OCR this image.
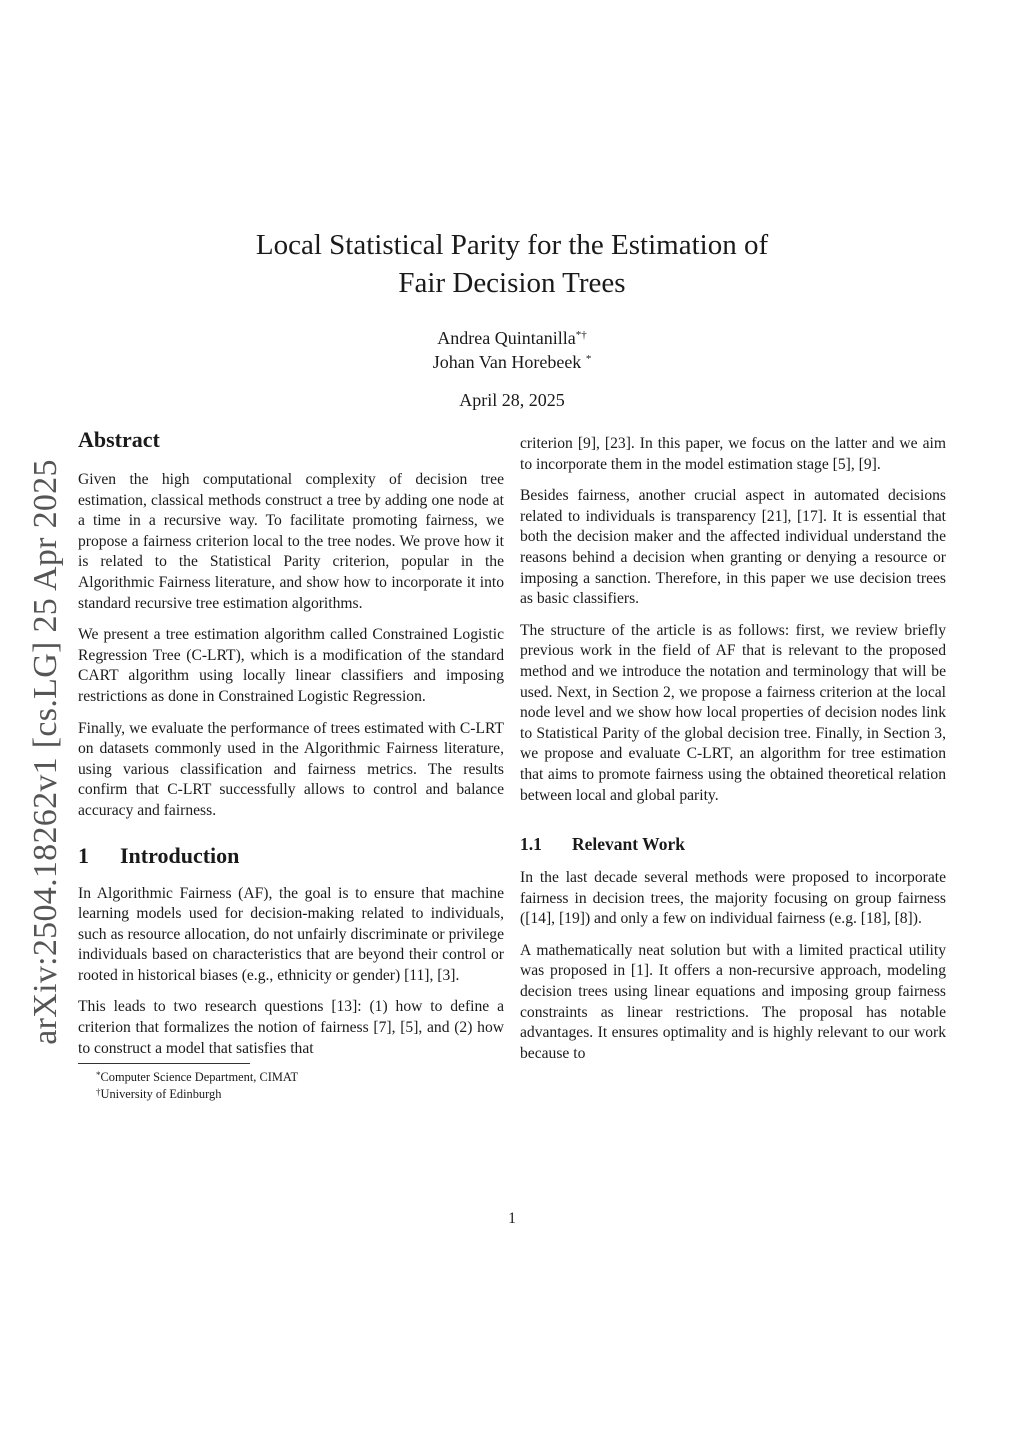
arXiv:2504.18262v1 [cs.LG] 25 Apr 2025
Local Statistical Parity for the Estimation of
Fair Decision Trees
Andrea Quintanilla*†
Johan Van Horebeek *
April 28, 2025
Abstract

Given the high computational complexity of decision tree estimation, classical methods construct a tree by adding one node at a time in a recursive way. To facilitate promoting fairness, we propose a fairness criterion local to the tree nodes. We prove how it is related to the Statistical Parity criterion, popular in the Algorithmic Fairness literature, and show how to incorporate it into standard recursive tree estimation algorithms.

We present a tree estimation algorithm called Constrained Logistic Regression Tree (C-LRT), which is a modification of the standard CART algorithm using locally linear classifiers and imposing restrictions as done in Constrained Logistic Regression.

Finally, we evaluate the performance of trees estimated with C-LRT on datasets commonly used in the Algorithmic Fairness literature, using various classification and fairness metrics. The results confirm that C-LRT successfully allows to control and balance accuracy and fairness.

1 Introduction

In Algorithmic Fairness (AF), the goal is to ensure that machine learning models used for decision-making related to individuals, such as resource allocation, do not unfairly discriminate or privilege individuals based on characteristics that are beyond their control or rooted in historical biases (e.g., ethnicity or gender) [11], [3].

This leads to two research questions [13]: (1) how to define a criterion that formalizes the notion of fairness [7], [5], and (2) how to construct a model that satisfies that

*Computer Science Department, CIMAT
†University of Edinburgh

criterion [9], [23]. In this paper, we focus on the latter and we aim to incorporate them in the model estimation stage [5], [9].

Besides fairness, another crucial aspect in automated decisions related to individuals is transparency [21], [17]. It is essential that both the decision maker and the affected individual understand the reasons behind a decision when granting or denying a resource or imposing a sanction. Therefore, in this paper we use decision trees as basic classifiers.

The structure of the article is as follows: first, we review briefly previous work in the field of AF that is relevant to the proposed method and we introduce the notation and terminology that will be used. Next, in Section 2, we propose a fairness criterion at the local node level and we show how local properties of decision nodes link to Statistical Parity of the global decision tree. Finally, in Section 3, we propose and evaluate C-LRT, an algorithm for tree estimation that aims to promote fairness using the obtained theoretical relation between local and global parity.

1.1 Relevant Work

In the last decade several methods were proposed to incorporate fairness in decision trees, the majority focusing on group fairness ([14], [19]) and only a few on individual fairness (e.g. [18], [8]).

A mathematically neat solution but with a limited practical utility was proposed in [1]. It offers a non-recursive approach, modeling decision trees using linear equations and imposing group fairness constraints as linear restrictions. The proposal has notable advantages. It ensures optimality and is highly relevant to our work because to

1
